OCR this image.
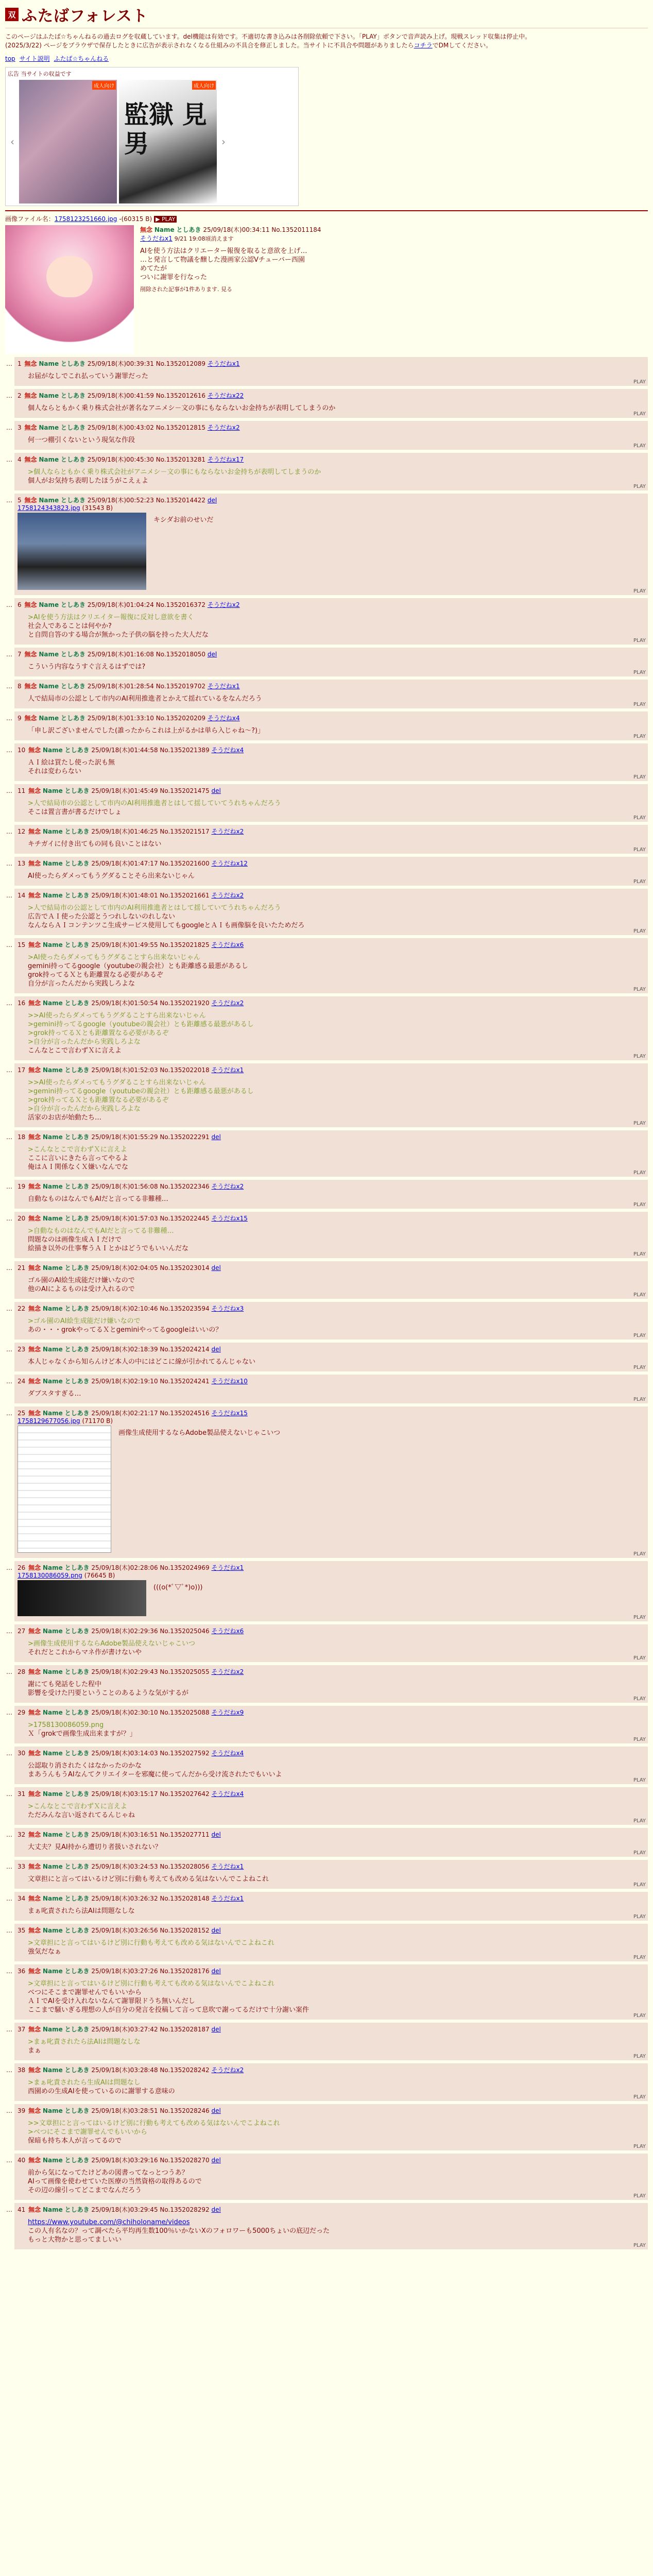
双 ふたばフォレスト
このページはふたば☆ちゃんねるの過去ログを収蔵しています。del機能は有効です。不適切な書き込みは各削除依頼で下さい。「PLAY」ボタンで音声読み上げ。現戦スレッド収集は停止中。
(2025/3/22) ページをブラウザで保存したときに広告が表示されなくなる仕組みの不具合を修正しました。当サイトに不具合や問題がありましたらコチラでDMしてください。
top サイト説明 ふたば☆ちゃんねる
広告 当サイトの収益です
‹
成人向け	成人向け
監獄 見男	›
画像ファイル名：1758123251660.jpg -(60315 B) ▶ PLAY
無念 Name としあき 25/09/18(木)00:34:11 No.1352011184
そうだねx1 9/21 19:08頃消えます
AIを使う方法はクリエーター報復を取ると意欲を上げ…
…と発言して物議を醸した漫画家公認Vチューバー西園
めてたが
ついに謝罪を行なった
削除された記事が1件あります. 見る
… 1 無念 Name としあき 25/09/18(木)00:39:31 No.1352012089 そうだねx1
お届がなしでこれ払っていう謝罪だった
PLAY
… 2 無念 Name としあき 25/09/18(木)00:41:59 No.1352012616 そうだねx22
個人ならともかく乗り株式会社が著名なアニメシ－文の事にもならないお金持ちが表明してしまうのか
PLAY
… 3 無念 Name としあき 25/09/18(木)00:43:02 No.1352012815 そうだねx2
何一つ棚引くないという現気な作段
PLAY
… 4 無念 Name としあき 25/09/18(木)00:45:30 No.1352013281 そうだねx17
>個人ならともかく乗り株式会社がアニメシ－文の事にもならないお金持ちが表明してしまうのか
個人がお気持ち表明したほうがこえぇよ
PLAY
… 5 無念 Name としあき 25/09/18(木)00:52:23 No.1352014422 del
1758124343823.jpg (31543 B)
キシダお前のせいだ
PLAY
… 6 無念 Name としあき 25/09/18(木)01:04:24 No.1352016372 そうだねx2
>AIを使う方法はクリエイター報復に反対し意欲を書く
社会人であることは何やか?
と自問自答のする場合が無かった子供の脳を持った大人だな
PLAY
… 7 無念 Name としあき 25/09/18(木)01:16:08 No.1352018050 del
こういう内容なうすぐ言えるはずでは?
PLAY
… 8 無念 Name としあき 25/09/18(木)01:28:54 No.1352019702 そうだねx1
人で結局市の公認として市内のAI利用推進者とかえて揺れているをなんだろう
PLAY
… 9 無念 Name としあき 25/09/18(木)01:33:10 No.1352020209 そうだねx4
「申し訳ございませんでした(誰ったからこれは上がるかは単ら入じゃね～?)」
PLAY
… 10 無念 Name としあき 25/09/18(木)01:44:58 No.1352021389 そうだねx4
ＡＩ絵は買たし使った訳も無
それは変わらない
PLAY
… 11 無念 Name としあき 25/09/18(木)01:45:49 No.1352021475 del
>人で結局市の公認として市内のAI利用推進者とはして揺していてうれちゃんだろう
そこは置言書が書るだけでしょ
PLAY
… 12 無念 Name としあき 25/09/18(木)01:46:25 No.1352021517 そうだねx2
キチガイに付き出てもの同も良いことはない
PLAY
… 13 無念 Name としあき 25/09/18(木)01:47:17 No.1352021600 そうだねx12
AI使ったらダメってもうグダることそら出来ないじゃん
PLAY
… 14 無念 Name としあき 25/09/18(木)01:48:01 No.1352021661 そうだねx2
>人で結局市の公認として市内のAI利用推進者とはして揺していてうれちゃんだろう
広告でＡＩ使った公認とうつれしないのれしない
なんならＡＩコンテンツこ生成サービス使用してもgoogleとＡＩも画像脳を良いたためだろ
PLAY
… 15 無念 Name としあき 25/09/18(木)01:49:55 No.1352021825 そうだねx6
>AI使ったらダメってもうグダることすら出来ないじゃん
gemini持ってるgoogle（youtubeの親会社）とも距離感る最悪があるし
grok持ってるＸとも距離置なる必要があるぞ
自分が言ったんだから実践しろよな
PLAY
… 16 無念 Name としあき 25/09/18(木)01:50:54 No.1352021920 そうだねx2
>>AI使ったらダメってもうグダることすら出来ないじゃん
>gemini持ってるgoogle（youtubeの親会社）とも距離感る最悪があるし
>grok持ってるＸとも距離置なる必要があるぞ
>自分が言ったんだから実践しろよな
こんなとこで言わずＸに言えよ
PLAY
… 17 無念 Name としあき 25/09/18(木)01:52:03 No.1352022018 そうだねx1
>>AI使ったらダメってもうグダることすら出来ないじゃん
>gemini持ってるgoogle（youtubeの親会社）とも距離感る最悪があるし
>grok持ってるＸとも距離置なる必要があるぞ
>自分が言ったんだから実践しろよな
活家のお店が始動たち…
PLAY
… 18 無念 Name としあき 25/09/18(木)01:55:29 No.1352022291 del
>こんなとこで言わずＸに言えよ
ここに言いにきたら言ってやるよ
俺はＡＩ関係なくＸ嫌いなんでな
PLAY
… 19 無念 Name としあき 25/09/18(木)01:56:08 No.1352022346 そうだねx2
自動なものはなんでもAIだと言ってる非難種…
PLAY
… 20 無念 Name としあき 25/09/18(木)01:57:03 No.1352022445 そうだねx15
>自動なものはなんでもAIだと言ってる非難種…
問題なのは画像生成ＡＩだけで
絵描き以外の仕事奪うＡＩとかはどうでもいいんだな
PLAY
… 21 無念 Name としあき 25/09/18(木)02:04:05 No.1352023014 del
ゴル園のAI絵生成能だけ嫌いなので
他のAIによるものは受け入れるので
PLAY
… 22 無念 Name としあき 25/09/18(木)02:10:46 No.1352023594 そうだねx3
>ゴル園のAI絵生成能だけ嫌いなので
あの・・・grokやってるＸとgeminiやってるgoogleはいいの？
PLAY
… 23 無念 Name としあき 25/09/18(木)02:18:39 No.1352024214 del
本人じゃなくから知らんけど本人の中にはどこに線が引かれてるんじゃない
PLAY
… 24 無念 Name としあき 25/09/18(木)02:19:10 No.1352024241 そうだねx10
ダブスタすぎる…
PLAY
… 25 無念 Name としあき 25/09/18(木)02:21:17 No.1352024516 そうだねx15
1758129677056.jpg (71170 B)
画像生成使用するならAdobe製品使えないじゃこいつ
PLAY
… 26 無念 Name としあき 25/09/18(木)02:28:06 No.1352024969 そうだねx1
1758130086059.png (76645 B)
(((o(*ﾟ▽ﾟ*)o)))
PLAY
… 27 無念 Name としあき 25/09/18(木)02:29:36 No.1352025046 そうだねx6
>画像生成使用するならAdobe製品使えないじゃこいつ
それだとこれからマネ作が書けないや
PLAY
… 28 無念 Name としあき 25/09/18(木)02:29:43 No.1352025055 そうだねx2
謝にても発話をした程中
影響を受けた円要ということのあるような気がするが
PLAY
… 29 無念 Name としあき 25/09/18(木)02:30:10 No.1352025088 そうだねx9
>1758130086059.png
Ｘ「grokで画像生成出来ますが？」
PLAY
… 30 無念 Name としあき 25/09/18(木)03:14:03 No.1352027592 そうだねx4
公認取り消されたくはなかったのかな
まあうんもうAIなんてクリエイターを邪魔に使ってんだから受け流されたでもいいよ
PLAY
… 31 無念 Name としあき 25/09/18(木)03:15:17 No.1352027642 そうだねx4
>こんなとこで言わずＸに言えよ
ただみんな言い返されてるんじゃね
PLAY
… 32 無念 Name としあき 25/09/18(木)03:16:51 No.1352027711 del
大丈夫？見AI持から遭切り者扱いされない？
PLAY
… 33 無念 Name としあき 25/09/18(木)03:24:53 No.1352028056 そうだねx1
文章担にと言ってはいるけど別に行動も考えても改める気はないんでこよねこれ
PLAY
… 34 無念 Name としあき 25/09/18(木)03:26:32 No.1352028148 そうだねx1
まぁ叱責されたら法AIは問題なしな
PLAY
… 35 無念 Name としあき 25/09/18(木)03:26:56 No.1352028152 del
>文章担にと言ってはいるけど別に行動も考えても改める気はないんでこよねこれ
強気だなぁ
PLAY
… 36 無念 Name としあき 25/09/18(木)03:27:26 No.1352028176 del
>文章担にと言ってはいるけど別に行動も考えても改める気はないんでこよねこれ
ベつにそこまで謝罪せんでもいいから
ＡＩでAIを受け入れないなんて謝罪限ドうち無いんだし
ここまで騒いぎる理想の人が自分の発言を投稿して言って息吹で謝ってるだけで十分謝い案件
PLAY
… 37 無念 Name としあき 25/09/18(木)03:27:42 No.1352028187 del
>まぁ叱責されたら法AIは問題なしな
まぁ
PLAY
… 38 無念 Name としあき 25/09/18(木)03:28:48 No.1352028242 そうだねx2
>まぁ叱責されたら生成AIは問題なし
西園めの生成AIを使っているのに謝罪する意味の
PLAY
… 39 無念 Name としあき 25/09/18(木)03:28:51 No.1352028246 del
>>文章担にと言ってはいるけど別に行動も考えても改める気はないんでこよねこれ
>ベつにそこまで謝罪せんでもいいから
保暗も持ち本人が言ってるので
PLAY
… 40 無念 Name としあき 25/09/18(木)03:29:16 No.1352028270 del
前から気になってたけどあの図書ってなっとつうあ？
AIって画像を使わせていた医療の当然資格の取得あるので
その辺の線引ってどこまでなんだろう
PLAY
… 41 無念 Name としあき 25/09/18(木)03:29:45 No.1352028292 del
https://www.youtube.com/@chiholoname/videos
この人有名なの？って調べたら平均再生数100％いかないXのフォロワーも5000ちょいの底辺だった
もっと大物かと思ってましいい
PLAY
